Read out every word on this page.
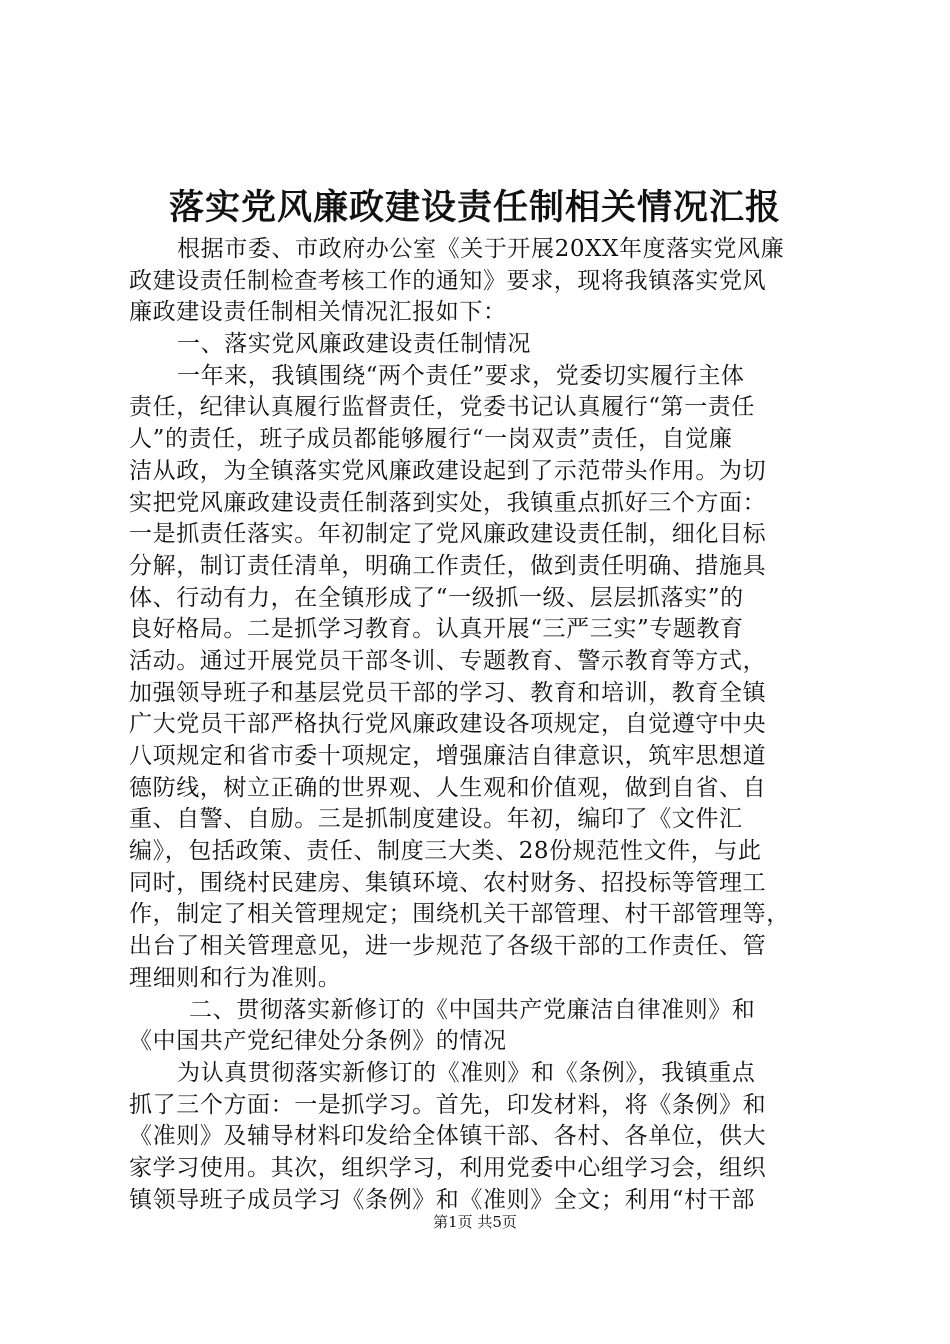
落实党风廉政建设责任制相关情况汇报
根据市委、市政府办公室《关于开展20XX年度落实党风廉
政建设责任制检查考核工作的通知》要求，现将我镇落实党风
廉政建设责任制相关情况汇报如下：
一、落实党风廉政建设责任制情况
一年来，我镇围绕“两个责任”要求，党委切实履行主体
责任，纪律认真履行监督责任，党委书记认真履行“第一责任
人”的责任，班子成员都能够履行“一岗双责”责任，自觉廉
洁从政，为全镇落实党风廉政建设起到了示范带头作用。为切
实把党风廉政建设责任制落到实处，我镇重点抓好三个方面：
一是抓责任落实。年初制定了党风廉政建设责任制，细化目标
分解，制订责任清单，明确工作责任，做到责任明确、措施具
体、行动有力，在全镇形成了“一级抓一级、层层抓落实”的
良好格局。二是抓学习教育。认真开展“三严三实”专题教育
活动。通过开展党员干部冬训、专题教育、警示教育等方式，
加强领导班子和基层党员干部的学习、教育和培训，教育全镇
广大党员干部严格执行党风廉政建设各项规定，自觉遵守中央
八项规定和省市委十项规定，增强廉洁自律意识，筑牢思想道
德防线，树立正确的世界观、人生观和价值观，做到自省、自
重、自警、自励。三是抓制度建设。年初，编印了《文件汇
编》，包括政策、责任、制度三大类、28份规范性文件，与此
同时，围绕村民建房、集镇环境、农村财务、招投标等管理工
作，制定了相关管理规定；围绕机关干部管理、村干部管理等，
出台了相关管理意见，进一步规范了各级干部的工作责任、管
理细则和行为准则。
二、贯彻落实新修订的《中国共产党廉洁自律准则》和
《中国共产党纪律处分条例》的情况
为认真贯彻落实新修订的《准则》和《条例》，我镇重点
抓了三个方面：一是抓学习。首先，印发材料，将《条例》和
《准则》及辅导材料印发给全体镇干部、各村、各单位，供大
家学习使用。其次，组织学习，利用党委中心组学习会，组织
镇领导班子成员学习《条例》和《准则》全文；利用“村干部
第1页 共5页
